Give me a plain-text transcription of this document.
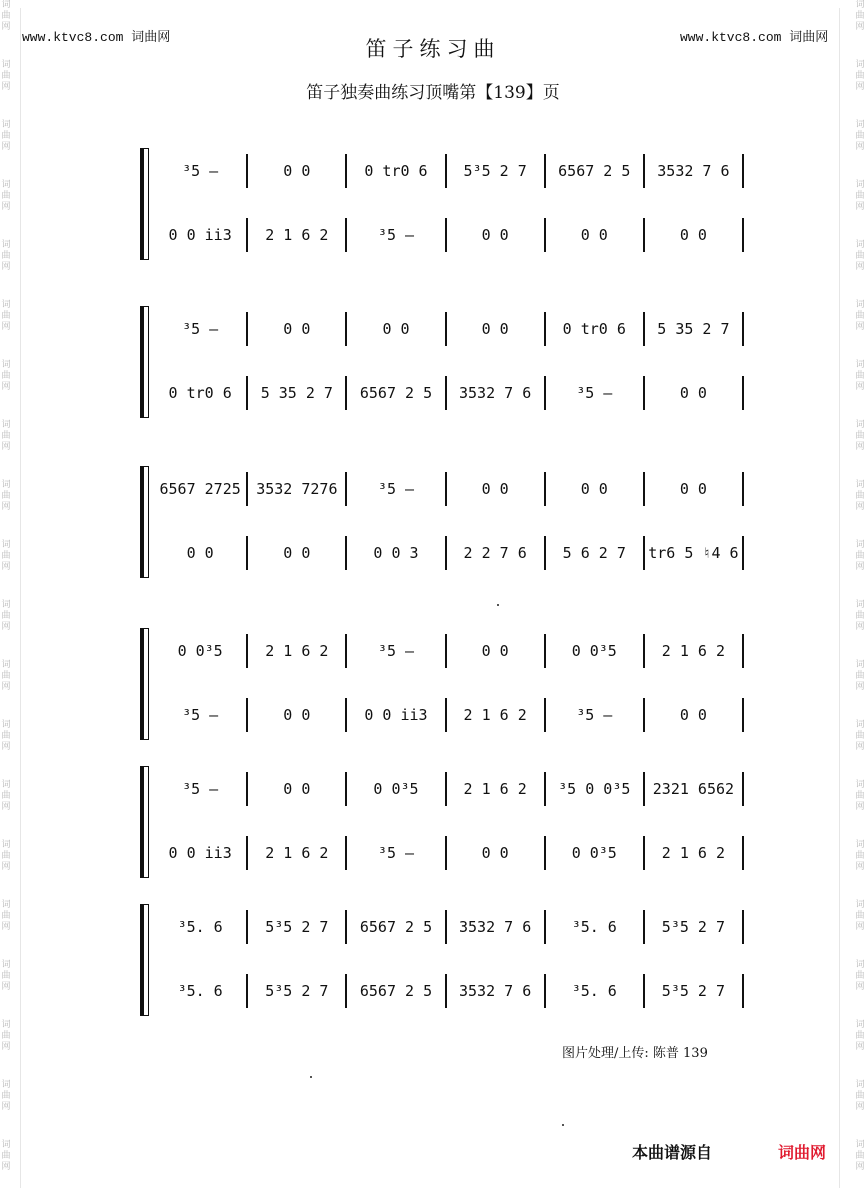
词
曲
网
词
曲
网
词
曲
网
词
曲
网
词
曲
网
词
曲
网
词
曲
网
词
曲
网
词
曲
网
词
曲
网
词
曲
网
词
曲
网
词
曲
网
词
曲
网
词
曲
网
词
曲
网
词
曲
网
词
曲
网
词
曲
网
词
曲
网
词
曲
网
词
曲
网
词
曲
网
词
曲
网
词
曲
网
词
曲
网
词
曲
网
词
曲
网
词
曲
网
词
曲
网
词
曲
网
词
曲
网
词
曲
网
词
曲
网
词
曲
网
词
曲
网
词
曲
网
词
曲
网
词
曲
网
词
曲
网
www.ktvc8.com 词曲网	www.ktvc8.com 词曲网
笛子练习曲
笛子独奏曲练习顶嘴第【139】页
³5 –	0 0	0 tr0 6	5³5 2 7	6567 2 5	3532 7 6
0 0 i̇i̇3	2 1 6 2	³5 –	0 0	0 0	0 0
³5 –	0 0	0 0	0 0	0 tr0 6	5 35 2 7
0 tr0 6	5 35 2 7	6567 2 5	3532 7 6	³5 –	0 0
6567 2725	3532 7276	³5 –	0 0	0 0	0 0
0 0	0 0	0 0 3	2 2 7 6	5 6 2 7	tr6 5 ♮4 6
0 0³5	2 1 6 2	³5 –	0 0	0 0³5	2 1 6 2
³5 –	0 0	0 0 i̇i̇3	2 1 6 2	³5 –	0 0
³5 –	0 0	0 0³5	2 1 6 2	³5 0 0³5	2321 6562
0 0 i̇i̇3	2 1 6 2	³5 –	0 0	0 0³5	2 1 6 2
³5. 6	5³5 2 7	6567 2 5	3532 7 6	³5. 6	5³5 2 7
³5. 6	5³5 2 7	6567 2 5	3532 7 6	³5. 6	5³5 2 7
图片处理/上传: 陈普 139
本曲谱源自	词曲网
